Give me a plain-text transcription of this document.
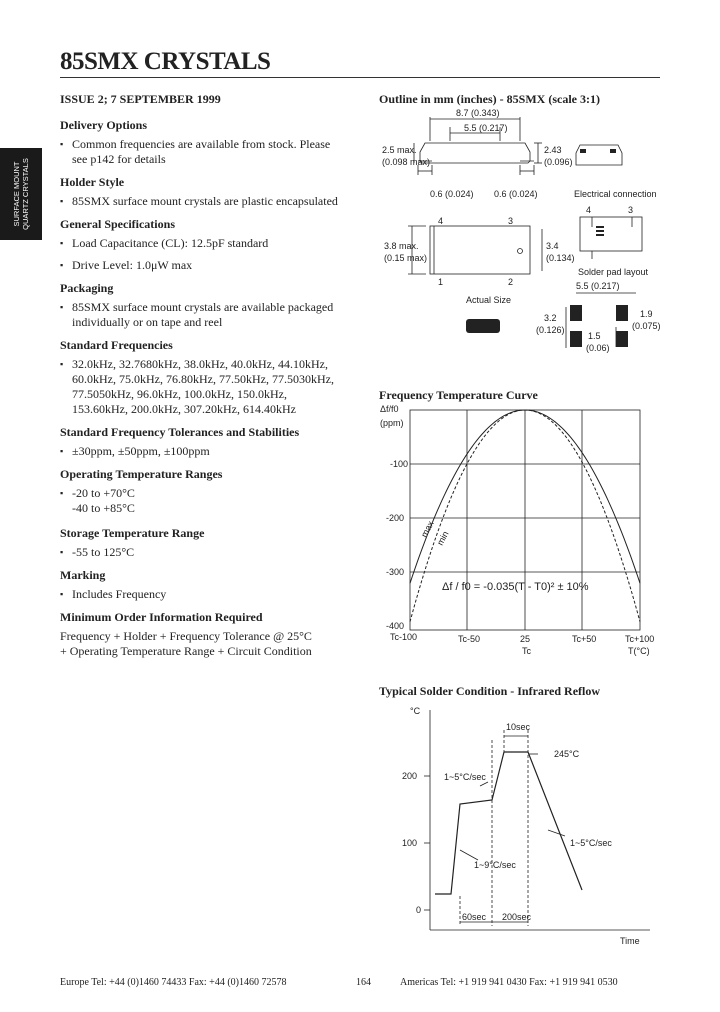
85SMX CRYSTALS
SURFACE MOUNT QUARTZ CRYSTALS
ISSUE 2; 7 SEPTEMBER 1999
Delivery Options
▪ Common frequencies are available from stock. Please see p142 for details
Holder Style
▪ 85SMX surface mount crystals are plastic encapsulated
General Specifications
▪ Load Capacitance (CL): 12.5pF standard
▪ Drive Level: 1.0μW max
Packaging
▪ 85SMX surface mount crystals are available packaged individually or on tape and reel
Standard Frequencies
▪ 32.0kHz, 32.7680kHz, 38.0kHz, 40.0kHz, 44.10kHz, 60.0kHz, 75.0kHz, 76.80kHz, 77.50kHz, 77.5030kHz, 77.5050kHz, 96.0kHz, 100.0kHz, 150.0kHz, 153.60kHz, 200.0kHz, 307.20kHz, 614.40kHz
Standard Frequency Tolerances and Stabilities
▪ ±30ppm, ±50ppm, ±100ppm
Operating Temperature Ranges
▪ -20 to +70°C
-40 to +85°C
Storage Temperature Range
▪ -55 to 125°C
Marking
▪ Includes Frequency
Minimum Order Information Required
Frequency + Holder + Frequency Tolerance @ 25°C
+ Operating Temperature Range + Circuit Condition
Outline in mm (inches) - 85SMX (scale 3:1)
8.7 (0.343)
5.5 (0.217)
2.5 max.
(0.098 max)
2.43
(0.096)
0.6 (0.024) 0.6 (0.024)	Electrical connection
4	3
4	3
1	2
3.8 max.
(0.15 max)
3.4
(0.134)
Actual Size
Solder pad layout
5.5 (0.217)
3.2
(0.126)
1.9
(0.075)
1.5
(0.06)
Frequency Temperature Curve
Δf/f0
(ppm)
-100
-200
-300
-400
Tc-100	Tc-50	25	Tc+50	Tc+100
Tc	T(°C)
max min
Δf / f0 = -0.035(T - T0)² ± 10%
Typical Solder Condition - Infrared Reflow
°C
0
100
200
10sec
245°C
1~5°C/sec
1~9°C/sec
1~5°C/sec
60sec 200sec
Time
Europe Tel: +44 (0)1460 74433 Fax: +44 (0)1460 72578	164	Americas Tel: +1 919 941 0430 Fax: +1 919 941 0530
